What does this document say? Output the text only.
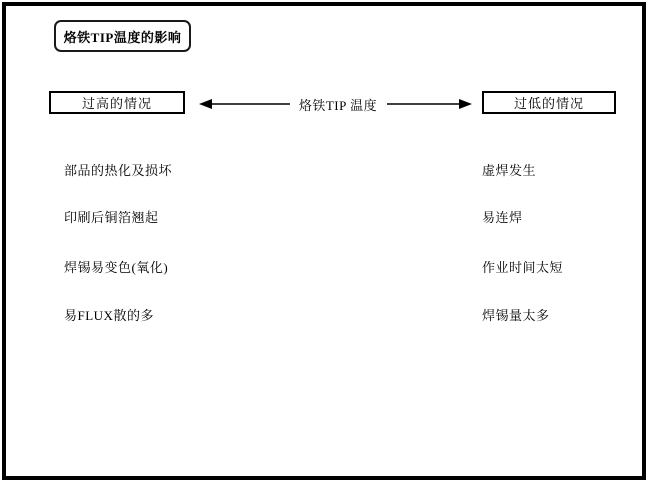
烙铁TIP温度的影响
过高的情况	烙铁TIP 温度	过低的情况
部品的热化及损坏
印刷后铜箔翘起
焊锡易变色(氧化)
易FLUX散的多
虚焊发生
易连焊
作业时间太短
焊锡量太多
